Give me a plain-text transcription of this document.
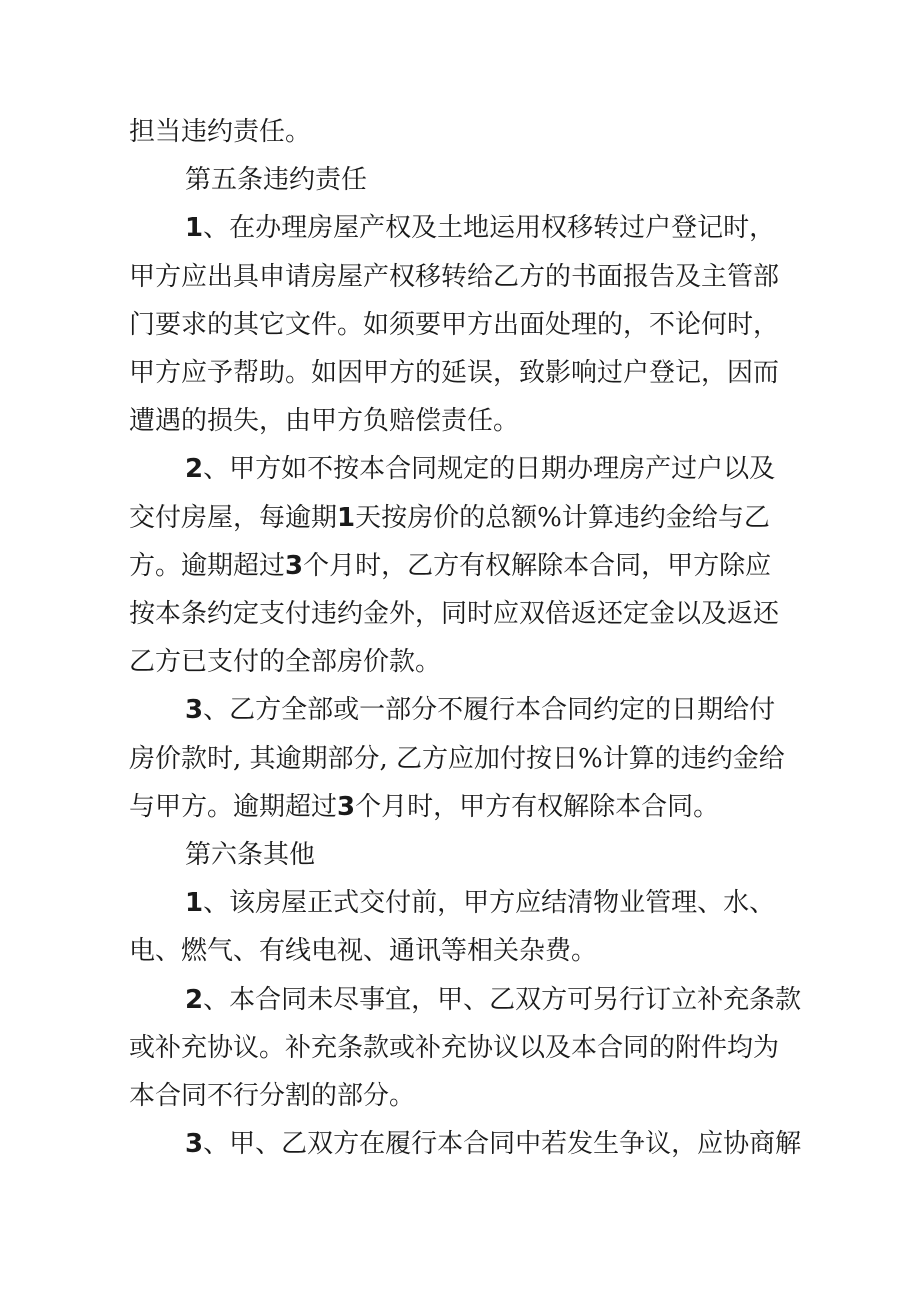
担当违约责任。

第五条违约责任

1、在办理房屋产权及土地运用权移转过户登记时，
甲方应出具申请房屋产权移转给乙方的书面报告及主管部
门要求的其它文件。如须要甲方出面处理的，不论何时，
甲方应予帮助。如因甲方的延误，致影响过户登记，因而
遭遇的损失，由甲方负赔偿责任。

2、甲方如不按本合同规定的日期办理房产过户以及
交付房屋，每逾期1天按房价的总额%计算违约金给与乙
方。逾期超过3个月时，乙方有权解除本合同，甲方除应
按本条约定支付违约金外，同时应双倍返还定金以及返还
乙方已支付的全部房价款。

3、乙方全部或一部分不履行本合同约定的日期给付
房价款时, 其逾期部分, 乙方应加付按日%计算的违约金给
与甲方。逾期超过3个月时，甲方有权解除本合同。

第六条其他

1、该房屋正式交付前，甲方应结清物业管理、水、
电、燃气、有线电视、通讯等相关杂费。

2、本合同未尽事宜，甲、乙双方可另行订立补充条款
或补充协议。补充条款或补充协议以及本合同的附件均为
本合同不行分割的部分。

3、甲、乙双方在履行本合同中若发生争议，应协商解
